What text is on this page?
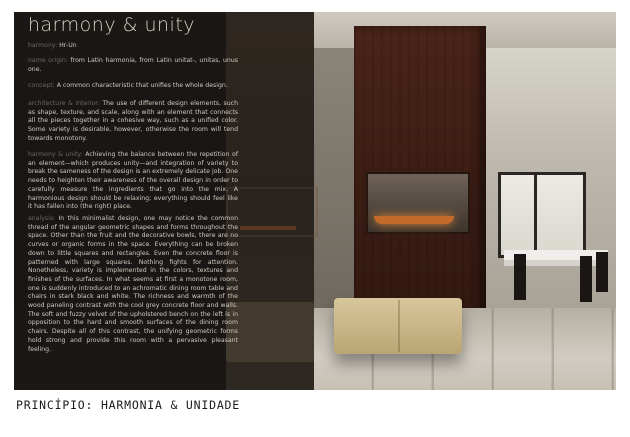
harmony & unity
harmony: Hr-Un
name origin: from Latin harmonia, from Latin unitat-, unitas, unus one.
concept: A common characteristic that unifies the whole design.
architecture & interior: The use of different design elements, such as shape, texture, and scale, along with an element that connects all the pieces together in a cohesive way, such as a unified color. Some variety is desirable, however, otherwise the room will tend towards monotony.
harmony & unity: Achieving the balance between the repetition of an element—which produces unity—and integration of variety to break the sameness of the design is an extremely delicate job. One needs to heighten their awareness of the overall design in order to carefully measure the ingredients that go into the mix. A harmonious design should be relaxing; everything should feel like it has fallen into (the right) place.
analysis: In this minimalist design, one may notice the common thread of the angular geometric shapes and forms throughout the space. Other than the fruit and the decorative bowls, there are no curves or organic forms in the space. Everything can be broken down to little squares and rectangles. Even the concrete floor is patterned with large squares. Nothing fights for attention. Nonetheless, variety is implemented in the colors, textures and finishes of the surfaces. In what seems at first a monotone room, one is suddenly introduced to an achromatic dining room table and chairs in stark black and white. The richness and warmth of the wood paneling contrast with the cool grey concrete floor and walls. The soft and fuzzy velvet of the upholstered bench on the left is in opposition to the hard and smooth surfaces of the dining room chairs. Despite all of this contrast, the unifying geometric forms hold strong and provide this room with a pervasive pleasant feeling.
PRINCÍPIO: HARMONIA & UNIDADE
